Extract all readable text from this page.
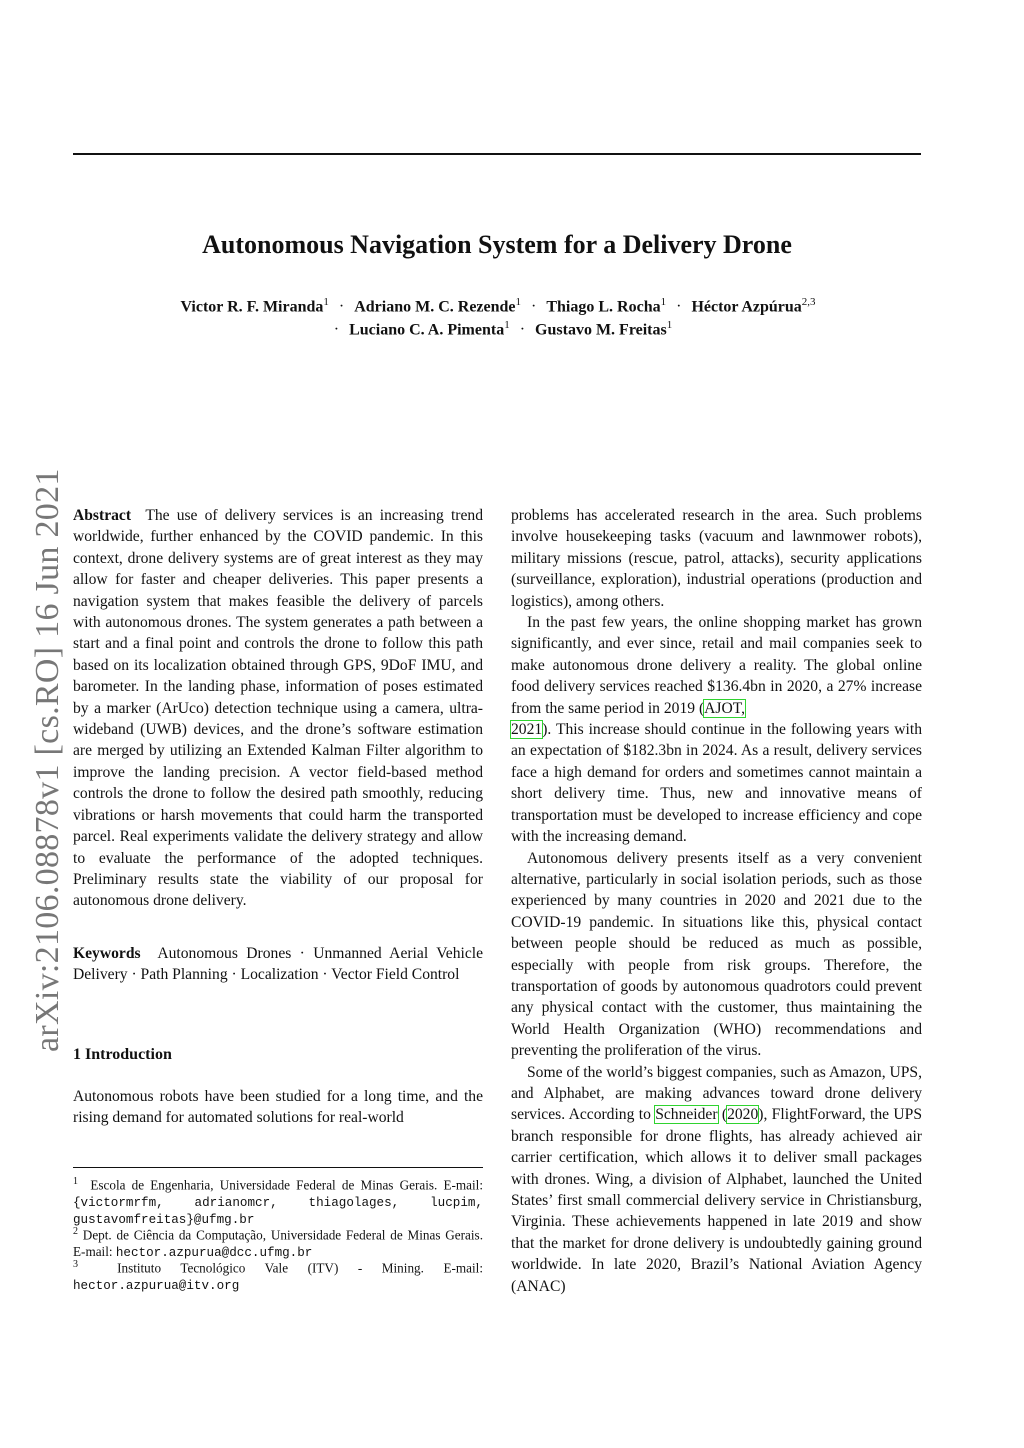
Autonomous Navigation System for a Delivery Drone
Victor R. F. Miranda$^1$ · Adriano M. C. Rezende$^1$ · Thiago L. Rocha$^1$ · Héctor Azpúrua$^{2,3}$
· Luciano C. A. Pimenta$^1$ · Gustavo M. Freitas$^1$
arXiv:2106.08878v1 [cs.RO] 16 Jun 2021 Abstract The use of delivery services is an increasing trend worldwide, further enhanced by the COVID pandemic. In this context, drone delivery systems are of great interest as they may allow for faster and cheaper deliveries. This paper presents a navigation system that makes feasible the delivery of parcels with autonomous drones. The system generates a path between a start and a final point and controls the drone to follow this path based on its localization obtained through GPS, 9DoF IMU, and barometer. In the landing phase, information of poses estimated by a marker (ArUco) detection technique using a camera, ultra-wideband (UWB) devices, and the drone’s software estimation are merged by utilizing an Extended Kalman Filter algorithm to improve the landing precision. A vector field-based method controls the drone to follow the desired path smoothly, reducing vibrations or harsh movements that could harm the transported parcel. Real experiments validate the delivery strategy and allow to evaluate the performance of the adopted techniques. Preliminary results state the viability of our proposal for autonomous drone delivery.

Keywords Autonomous Drones · Unmanned Aerial Vehicle Delivery · Path Planning · Localization · Vector Field Control

1 Introduction

Autonomous robots have been studied for a long time, and the rising demand for automated solutions for real-world

$^1$ Escola de Engenharia, Universidade Federal de Minas Gerais. E-mail: {victormrfm, adrianomcr, thiagolages, lucpim, gustavomfreitas}@ufmg.br
$^2$ Dept. de Ciência da Computação, Universidade Federal de Minas Gerais. E-mail: hector.azpurua@dcc.ufmg.br
$^3$	Instituto Tecnológico Vale (ITV) - Mining. E-mail: hector.azpurua@itv.org

problems has accelerated research in the area. Such problems involve housekeeping tasks (vacuum and lawnmower robots), military missions (rescue, patrol, attacks), security applications (surveillance, exploration), industrial operations (production and logistics), among others.

In the past few years, the online shopping market has grown significantly, and ever since, retail and mail companies seek to make autonomous drone delivery a reality. The global online food delivery services reached $136.4bn in 2020, a 27% increase from the same period in 2019 (AJOT,
2021). This increase should continue in the following years with an expectation of $182.3bn in 2024. As a result, delivery services face a high demand for orders and sometimes cannot maintain a short delivery time. Thus, new and innovative means of transportation must be developed to increase efficiency and cope with the increasing demand.

Autonomous delivery presents itself as a very convenient alternative, particularly in social isolation periods, such as those experienced by many countries in 2020 and 2021 due to the COVID-19 pandemic. In situations like this, physical contact between people should be reduced as much as possible, especially with people from risk groups. Therefore, the transportation of goods by autonomous quadrotors could prevent any physical contact with the customer, thus maintaining the World Health Organization (WHO) recommendations and preventing the proliferation of the virus.

Some of the world’s biggest companies, such as Amazon, UPS, and Alphabet, are making advances toward drone delivery services. According to Schneider (2020), FlightForward, the UPS branch responsible for drone flights, has already achieved air carrier certification, which allows it to deliver small packages with drones. Wing, a division of Alphabet, launched the United States’ first small commercial delivery service in Christiansburg, Virginia. These achievements happened in late 2019 and show that the market for drone delivery is undoubtedly gaining ground worldwide. In late 2020, Brazil’s National Aviation Agency (ANAC)
